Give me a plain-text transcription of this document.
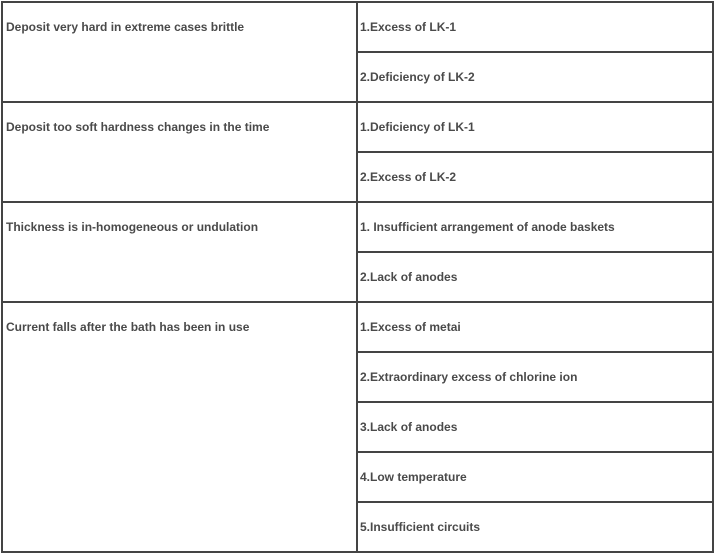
Deposit very hard in extreme cases brittle	1.Excess of LK-1
	2.Deficiency of LK-2
Deposit too soft hardness changes in the time	1.Deficiency of LK-1
	2.Excess of LK-2
Thickness is in-homogeneous or undulation	1. Insufficient arrangement of anode baskets
	2.Lack of anodes
Current falls after the bath has been in use	1.Excess of metai
	2.Extraordinary excess of chlorine ion
	3.Lack of anodes
	4.Low temperature
	5.Insufficient circuits
